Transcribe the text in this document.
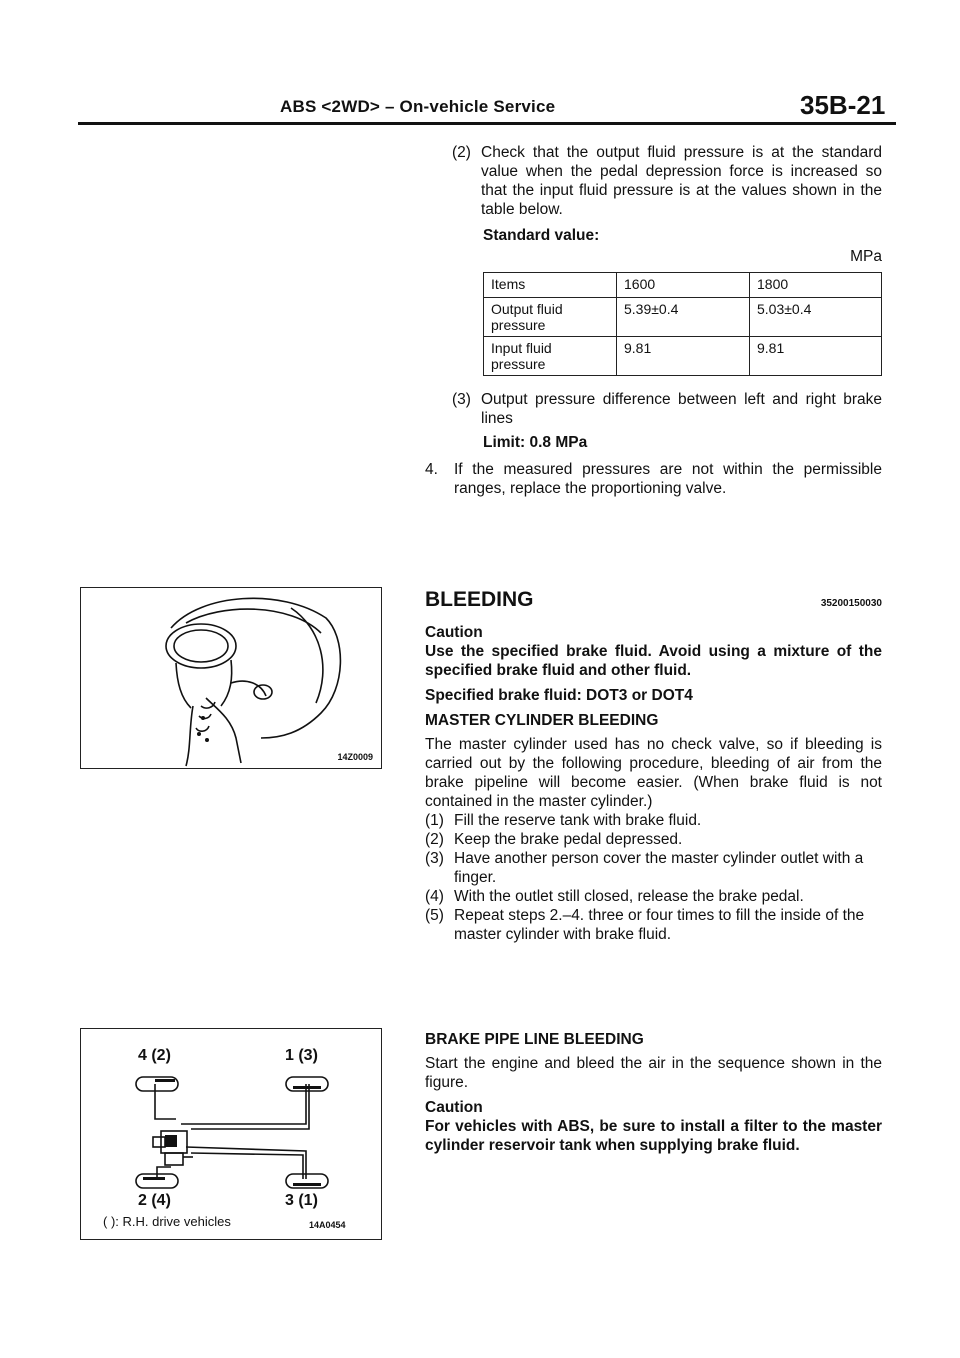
ABS <2WD> – On-vehicle Service	35B-21
(2) Check that the output fluid pressure is at the standard value when the pedal depression force is increased so that the input fluid pressure is at the values shown in the table below.
Standard value:
MPa
Items	1600	1800
Output fluid pressure	5.39±0.4	5.03±0.4
Input fluid pressure	9.81	9.81
(3) Output pressure difference between left and right brake lines
Limit: 0.8 MPa
4.	If the measured pressures are not within the permissible ranges, replace the proportioning valve.
14Z0009
BLEEDING	35200150030
Caution
Use the specified brake fluid. Avoid using a mixture of the specified brake fluid and other fluid.
Specified brake fluid: DOT3 or DOT4
MASTER CYLINDER BLEEDING
The master cylinder used has no check valve, so if bleeding is carried out by the following procedure, bleeding of air from the brake pipeline will become easier. (When brake fluid is not contained in the master cylinder.)
(1) Fill the reserve tank with brake fluid.
(2) Keep the brake pedal depressed.
(3) Have another person cover the master cylinder outlet with a finger.
(4) With the outlet still closed, release the brake pedal.
(5) Repeat steps 2.–4. three or four times to fill the inside of the master cylinder with brake fluid.
4 (2)	1 (3)
2 (4)	3 (1)
( ): R.H. drive vehicles	14A0454
BRAKE PIPE LINE BLEEDING
Start the engine and bleed the air in the sequence shown in the figure.
Caution
For vehicles with ABS, be sure to install a filter to the master cylinder reservoir tank when supplying brake fluid.
